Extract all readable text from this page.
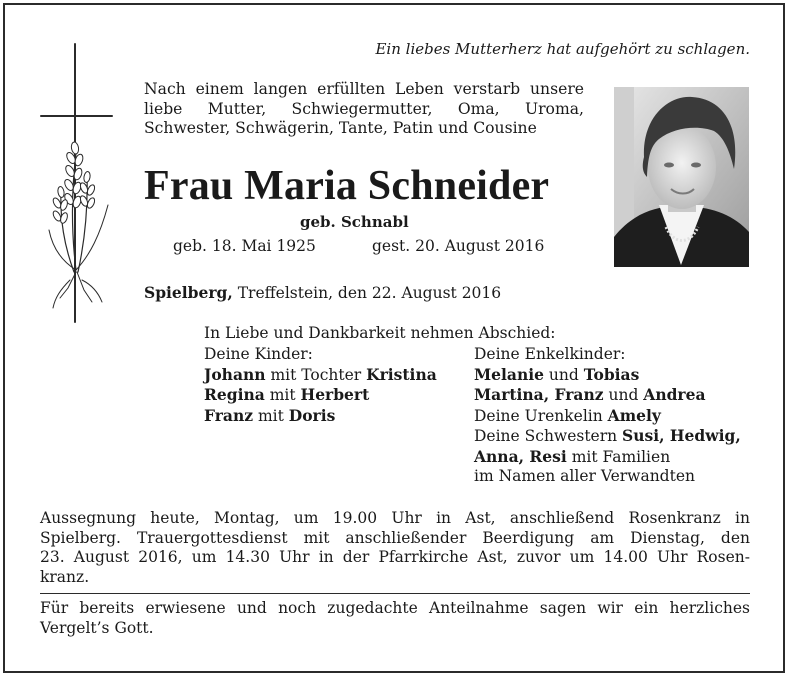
Ein liebes Mutterherz hat aufgehört zu schlagen.
Nach einem langen erfüllten Leben verstarb unsere
liebe Mutter, Schwiegermutter, Oma, Uroma,
Schwester, Schwägerin, Tante, Patin und Cousine
Frau Maria Schneider
geb. Schnabl
geb. 18. Mai 1925	gest. 20. August 2016
Spielberg, Treffelstein, den 22. August 2016
In Liebe und Dankbarkeit nehmen Abschied:
Deine Kinder:
Johann mit Tochter Kristina
Regina mit Herbert
Franz mit Doris
Deine Enkelkinder:
Melanie und Tobias
Martina, Franz und Andrea
Deine Urenkelin Amely
Deine Schwestern Susi, Hedwig,
Anna, Resi mit Familien
im Namen aller Verwandten
Aussegnung heute, Montag, um 19.00 Uhr in Ast, anschließend Rosenkranz in
Spielberg. Trauergottesdienst mit anschließender Beerdigung am Dienstag, den
23. August 2016, um 14.30 Uhr in der Pfarrkirche Ast, zuvor um 14.00 Uhr Rosen-
kranz.
Für bereits erwiesene und noch zugedachte Anteilnahme sagen wir ein herzliches
Vergelt’s Gott.
